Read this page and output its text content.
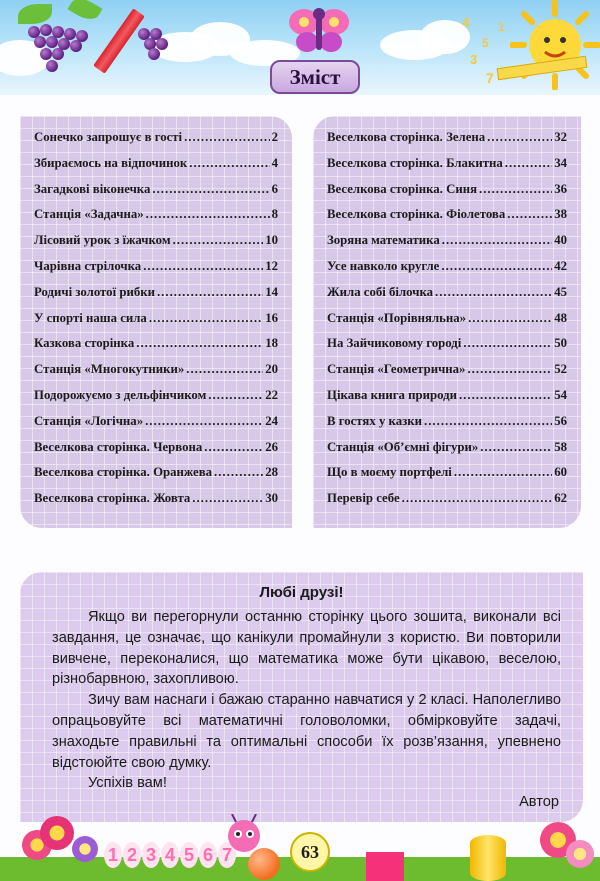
4
5
3
1
7
Зміст
Сонечко запрошує в гості .....	2
Збираємось на відпочинок .....	4
Загадкові віконечка .....	6
Станція «Задачна» .....	8
Лісовий урок з їжачком .....	10
Чарівна стрілочка .....	12
Родичі золотої рибки .....	14
У спорті наша сила .....	16
Казкова сторінка .....	18
Станція «Многокутники» .....	20
Подорожуємо з дельфінчиком .....	22
Станція «Логічна» .....	24
Веселкова сторінка. Червона .....	26
Веселкова сторінка. Оранжева .....	28
Веселкова сторінка. Жовта .....	30
Веселкова сторінка. Зелена .....	32
Веселкова сторінка. Блакитна .....	34
Веселкова сторінка. Синя .....	36
Веселкова сторінка. Фіолетова .....	38
Зоряна математика .....	40
Усе навколо кругле .....	42
Жила собі білочка .....	45
Станція «Порівняльна» .....	48
На Зайчиковому городі .....	50
Станція «Геометрична» .....	52
Цікава книга природи .....	54
В гостях у казки .....	56
Станція «Об’ємні фігури» .....	58
Що в моєму портфелі .....	60
Перевір себе .....	62
Любі друзі!

Якщо ви перегорнули останню сторінку цього зошита, виконали всі завдання, це означає, що канікули промайнули з користю. Ви повторили вивчене, переконалися, що математика може бути цікавою, веселою, різнобарвною, захопливою.

Зичу вам наснаги і бажаю старанно навчатися у 2 класі. Наполегливо опрацьовуйте всі математичні головоломки, обмірковуйте задачі, знаходьте правильні та оптимальні способи їх розв’язання, упевнено відстоюйте свою думку.

Успіхів вам!

Автор
1 2 3 4 5 6 7	63
